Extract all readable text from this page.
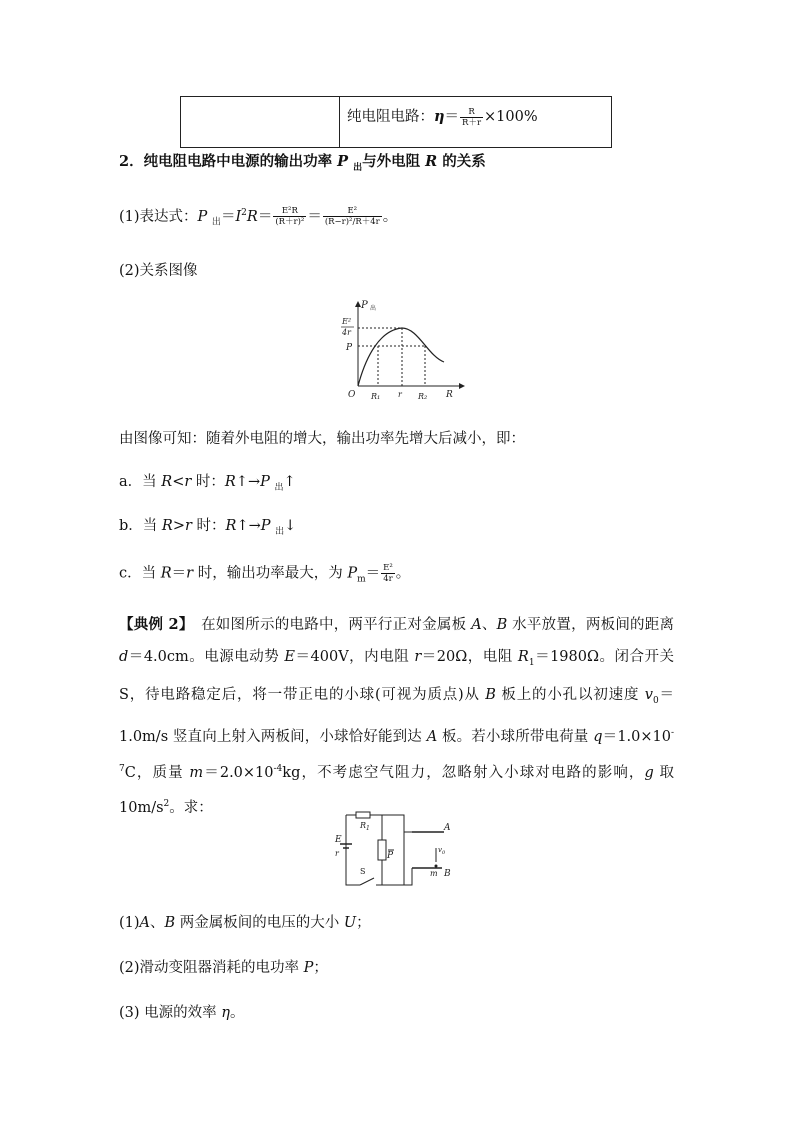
纯电阻电路：$\eta= \frac{R}{R+r} \times 100\%$
2．纯电阻电路中电源的输出功率 P $_出$与外电阻 R 的关系
(1)表达式：P $_出=I^2R= \frac{\text{E²R}}{\text{(R＋r)²}} = \frac{\text{E²}}{\text{(R−r)²/R＋4r}}$ 。
(2)关系图像
P 出
E²
4r
P
O R₁ r R₂ R
由图像可知：随着外电阻的增大，输出功率先增大后减小，即：
a．当 R<r 时：R↑→P $_出$↑
b．当 R>r 时：R↑→P $_出$↓
c．当 R＝r 时，输出功率最大，为 $P_m= \frac{\text{E²}}{4r}$ 。
【典例 2】　在如图所示的电路中，两平行正对金属板 A、B 水平放置，两板间的距离 d＝4.0cm。电源电动势 E＝400V，内电阻 r＝20Ω，电阻 $R_1=1980\Omega$。闭合开关 S，待电路稳定后，将一带正电的小球(可视为质点)从 B 板上的小孔以初速度 $v_0=1.0m/s$ 竖直向上射入两板间，小球恰好能到达 A 板。若小球所带电荷量 $q=1.0\times 10^{-7}C$，质量 $m=2.0\times 10^{-4}kg$，不考虑空气阻力，忽略射入小球对电路的影响，g 取 $10m/s^2$。求：
$R_1$
E
r	P
S
A
B
m
$v_0$
(1)A、B 两金属板间的电压的大小 U；
(2)滑动变阻器消耗的电功率 P；
(3) 电源的效率 η。
